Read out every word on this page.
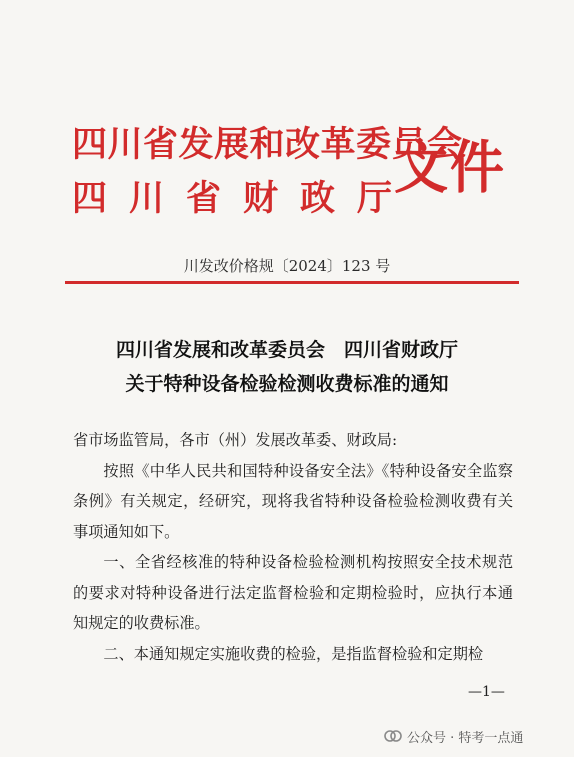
四川省发展和改革委员会
四川省财政厅
文件
川发改价格规〔2024〕123 号
四川省发展和改革委员会　四川省财政厅
关于特种设备检验检测收费标准的通知

省市场监管局，各市（州）发展改革委、财政局:

按照《中华人民共和国特种设备安全法》《特种设备安全监察条例》有关规定，经研究，现将我省特种设备检验检测收费有关事项通知如下。

一、全省经核准的特种设备检验检测机构按照安全技术规范的要求对特种设备进行法定监督检验和定期检验时，应执行本通知规定的收费标准。

二、本通知规定实施收费的检验，是指监督检验和定期检

—1—
公众号 · 特考一点通
